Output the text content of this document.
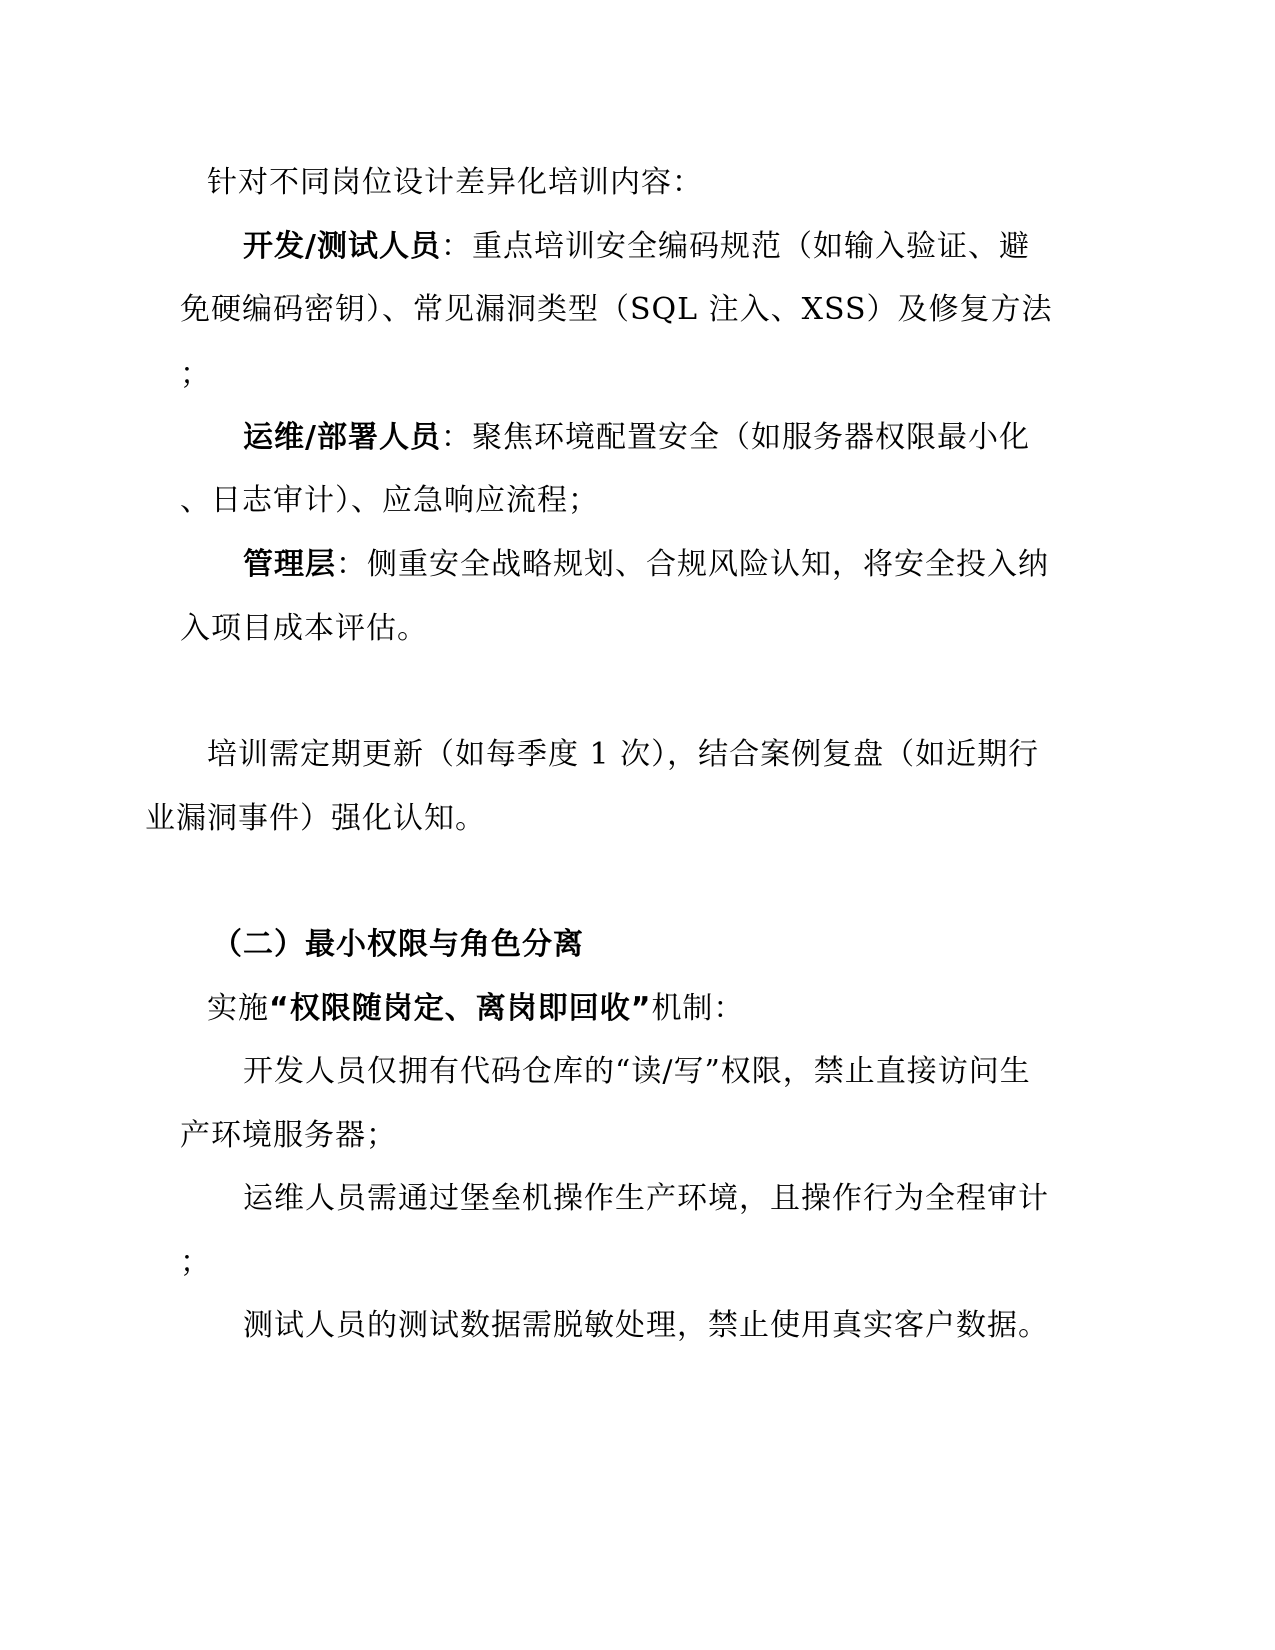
针对不同岗位设计差异化培训内容：
开发/测试人员：重点培训安全编码规范（如输入验证、避
免硬编码密钥）、常见漏洞类型（SQL 注入、XSS）及修复方法
；
运维/部署人员：聚焦环境配置安全（如服务器权限最小化
、日志审计）、应急响应流程；
管理层：侧重安全战略规划、合规风险认知，将安全投入纳
入项目成本评估。
培训需定期更新（如每季度 1 次），结合案例复盘（如近期行
业漏洞事件）强化认知。
（二）最小权限与角色分离
实施“权限随岗定、离岗即回收”机制：
开发人员仅拥有代码仓库的“读/写”权限，禁止直接访问生
产环境服务器；
运维人员需通过堡垒机操作生产环境，且操作行为全程审计
；
测试人员的测试数据需脱敏处理，禁止使用真实客户数据。
